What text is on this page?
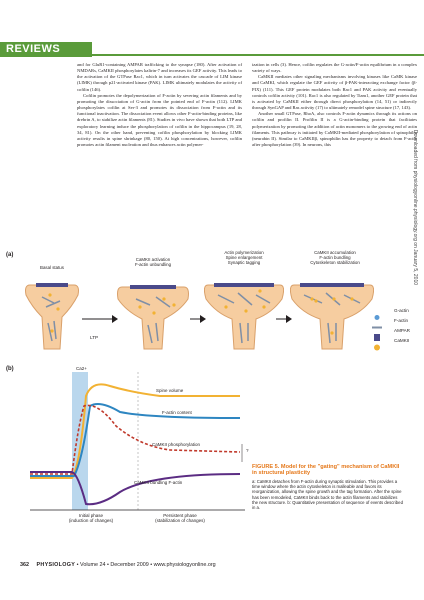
REVIEWS

and for GluR1-containing AMPAR trafficking to the synapse (180). After activation of NMDARs, CaMKII phosphorylates kalirin-7 and increases its GEF activity. This leads to the activation of the GTPase Rac1, which in turn activates the cascade of LIM kinase (LIMK) through p21-activated kinase (PAK). LIMK ultimately modulates the activity of cofilin (146).

Cofilin promotes the depolymerization of F-actin by severing actin filaments and by promoting the dissociation of G-actin from the pointed end of F-actin (112). LIMK phosphorylates cofilin at Ser-3 and promotes its dissociation from F-actin and its functional inactivation. The dissociation event allows other F-actin-binding proteins, like drebrin A, to stabilize actin filaments (81). Studies in vivo have shown that both LTP and exploratory learning induce the phosphorylation of cofilin in the hippocampus (19, 28, 34, 81). On the other hand, preventing cofilin phosphorylation by blocking LIMK activity results in spine shrinkage (80, 150). At high concentrations, however, cofilin promotes actin filament nucleation and thus enhances actin polymer-

ization in cells (3). Hence, cofilin regulates the G-actin/F-actin equilibrium in a complex variety of ways.

CaMKII mediates other signaling mechanisms involving kinases like CaMK kinase and CaMKI, which regulate the GEF activity of β-PAK-interacting exchange factor (β-PIX) (111). This GEF protein modulates both Rac1 and PAK activity and eventually controls cofilin activity (101). Rac1 is also regulated by Tiam1, another GEF protein that is activated by CaMKII either through direct phosphorylation (14, 51) or indirectly through SynGAP and Ras activity (17) to ultimately remodel spine structure (17, 143).

Another small GTPase, RhoA, also controls F-actin dynamics through its actions on cofilin and profilin II. Profilin II is a G-actin-binding protein that facilitates polymerization by promoting the addition of actin monomers to the growing end of actin filaments. This pathway is initiated by CaMKII-mediated phosphorylation of spinophilin (neurabin II). Similar to CaMKIIβ, spinophilin has the property to detach from F-actin after phosphorylation (39). In neurons, this	Downloaded from physiologyonline.physiology.org on January 5, 2010
(a)
Basal status
CaMKII activation
F-actin unbundling
Actin polymerization
Spine enlargement
Synaptic tagging
CaMKII accumulation
F-actin bundling
Cytoskeleton stabilization
LTP
G-actin
F-actin
AMPAR
CaMKII
(b)	Ca2+
Spine volume
F-actin content
CaMKII phosphorylation
?
CaMKII bundling F-actin
Initial phase
(induction of changes)
Persistent phase
(stabilization of changes)
FIGURE 5. Model for the "gating" mechanism of CaMKII in structural plasticity
a: CaMKII detaches from F-actin during synaptic stimulation. This provides a time window where the actin cytoskeleton is malleable and favors its reorganization, allowing the spine growth and the tag formation. After the spine has been remodeled, CaMKII binds back to the actin filaments and stabilizes the new structure. b: Quantitative presentation of sequence of events described in a.
362 PHYSIOLOGY • Volume 24 • December 2009 • www.physiologyonline.org
